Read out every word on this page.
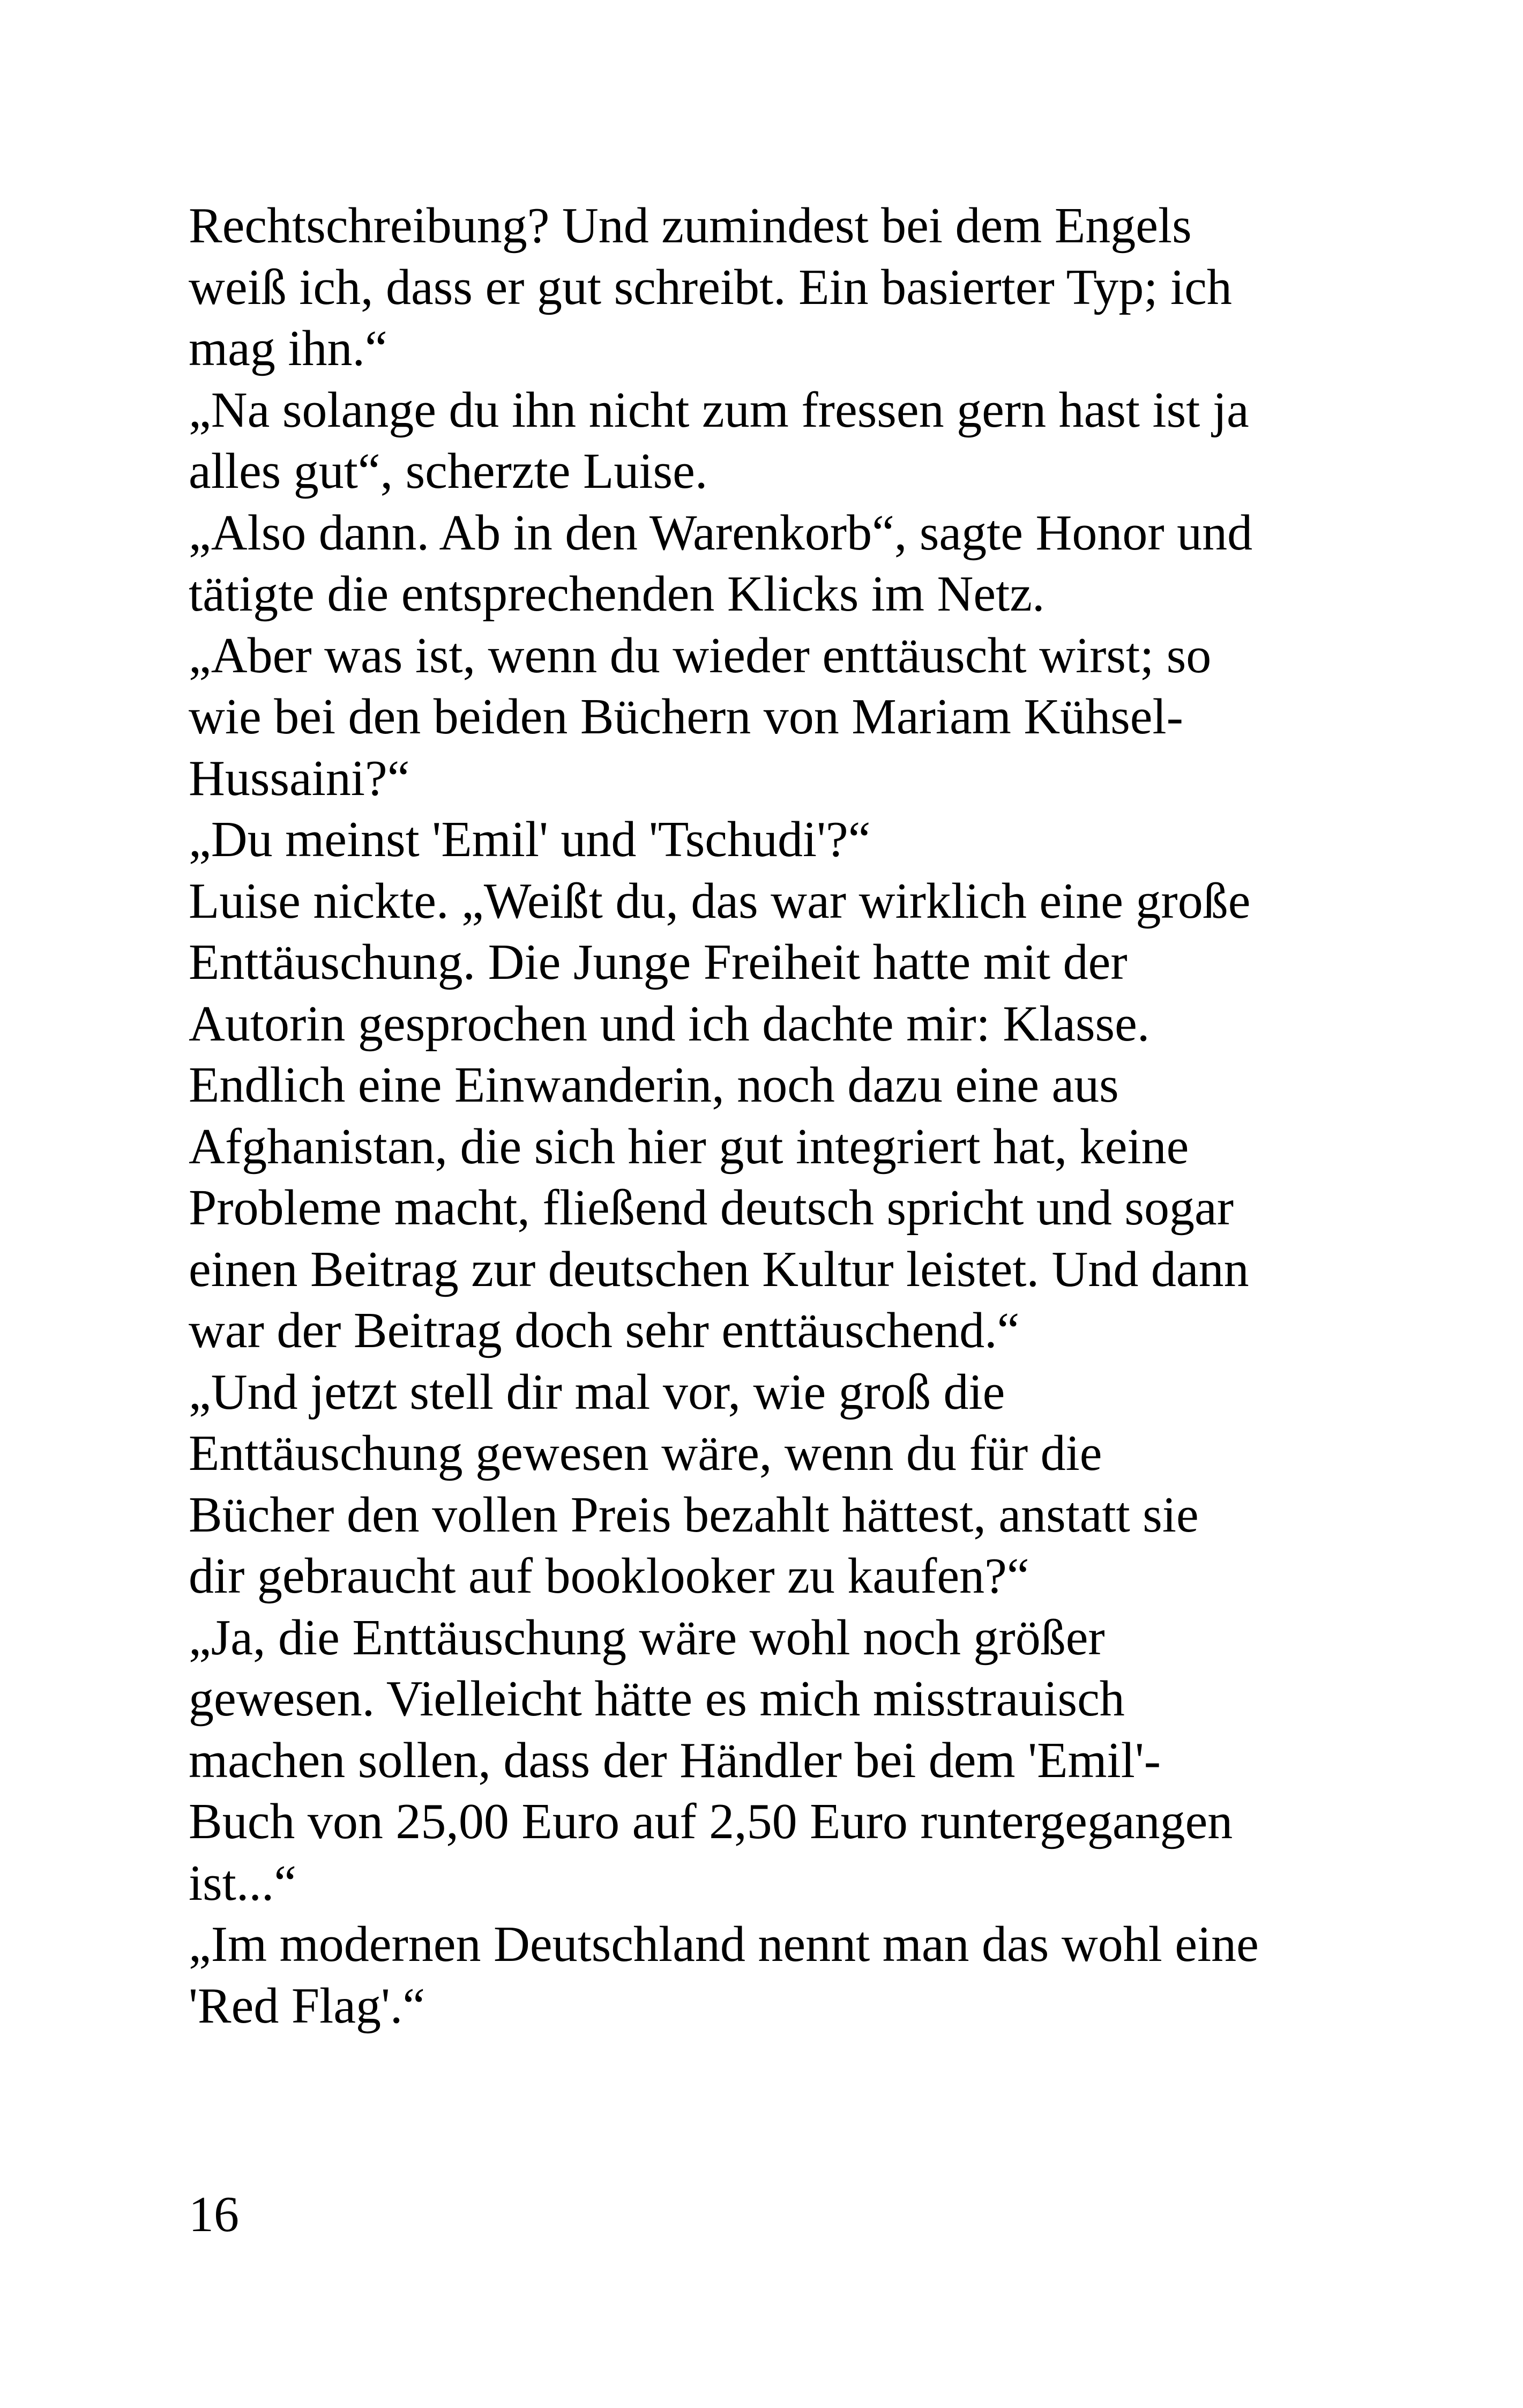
Rechtschreibung? Und zumindest bei dem Engels
weiß ich, dass er gut schreibt. Ein basierter Typ; ich
mag ihn.“
„Na solange du ihn nicht zum fressen gern hast ist ja
alles gut“, scherzte Luise.
„Also dann. Ab in den Warenkorb“, sagte Honor und
tätigte die entsprechenden Klicks im Netz.
„Aber was ist, wenn du wieder enttäuscht wirst; so
wie bei den beiden Büchern von Mariam Kühsel-
Hussaini?“
„Du meinst 'Emil' und 'Tschudi'?“
Luise nickte. „Weißt du, das war wirklich eine große
Enttäuschung. Die Junge Freiheit hatte mit der
Autorin gesprochen und ich dachte mir: Klasse.
Endlich eine Einwanderin, noch dazu eine aus
Afghanistan, die sich hier gut integriert hat, keine
Probleme macht, fließend deutsch spricht und sogar
einen Beitrag zur deutschen Kultur leistet. Und dann
war der Beitrag doch sehr enttäuschend.“
„Und jetzt stell dir mal vor, wie groß die
Enttäuschung gewesen wäre, wenn du für die
Bücher den vollen Preis bezahlt hättest, anstatt sie
dir gebraucht auf booklooker zu kaufen?“
„Ja, die Enttäuschung wäre wohl noch größer
gewesen. Vielleicht hätte es mich misstrauisch
machen sollen, dass der Händler bei dem 'Emil'-
Buch von 25,00 Euro auf 2,50 Euro runtergegangen
ist...“
„Im modernen Deutschland nennt man das wohl eine
'Red Flag'.“
16
